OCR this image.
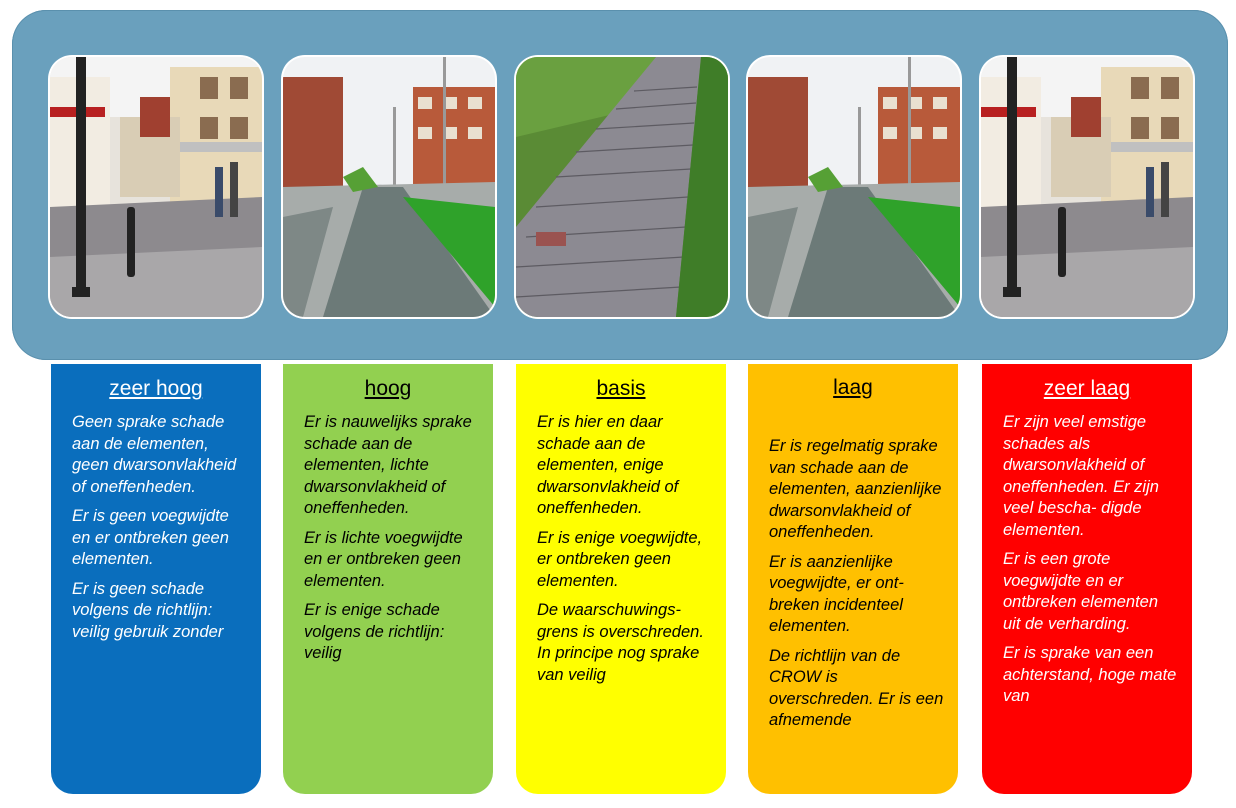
zeer hoog

Geen sprake schade aan de elementen, geen dwarsonvlakheid of oneffenheden.

Er is geen voegwijdte en er ontbreken geen elementen.

Er is geen schade volgens de richtlijn: veilig gebruik zonder

hoog

Er is nauwelijks sprake schade aan de elementen, lichte dwarsonvlakheid of oneffenheden.

Er is lichte voegwijdte en er ontbreken geen elementen.

Er is enige schade volgens de richtlijn: veilig

basis

Er is hier en daar schade aan de elementen, enige dwarsonvlakheid of oneffenheden.

Er is enige voegwijdte, er ontbreken geen elementen.

De waarschuwings-grens is overschreden. In principe nog sprake van veilig

laag

Er is regelmatig sprake van schade aan de elementen, aanzienlijke dwarsonvlakheid of oneffenheden.

Er is aanzienlijke voegwijdte, er ont- breken incidenteel elementen.

De richtlijn van de CROW is overschreden. Er is een afnemende

zeer laag

Er zijn veel emstige schades als dwarsonvlakheid of oneffenheden. Er zijn veel bescha- digde elementen.

Er is een grote voegwijdte en er ontbreken elementen uit de verharding.

Er is sprake van een achterstand, hoge mate van
